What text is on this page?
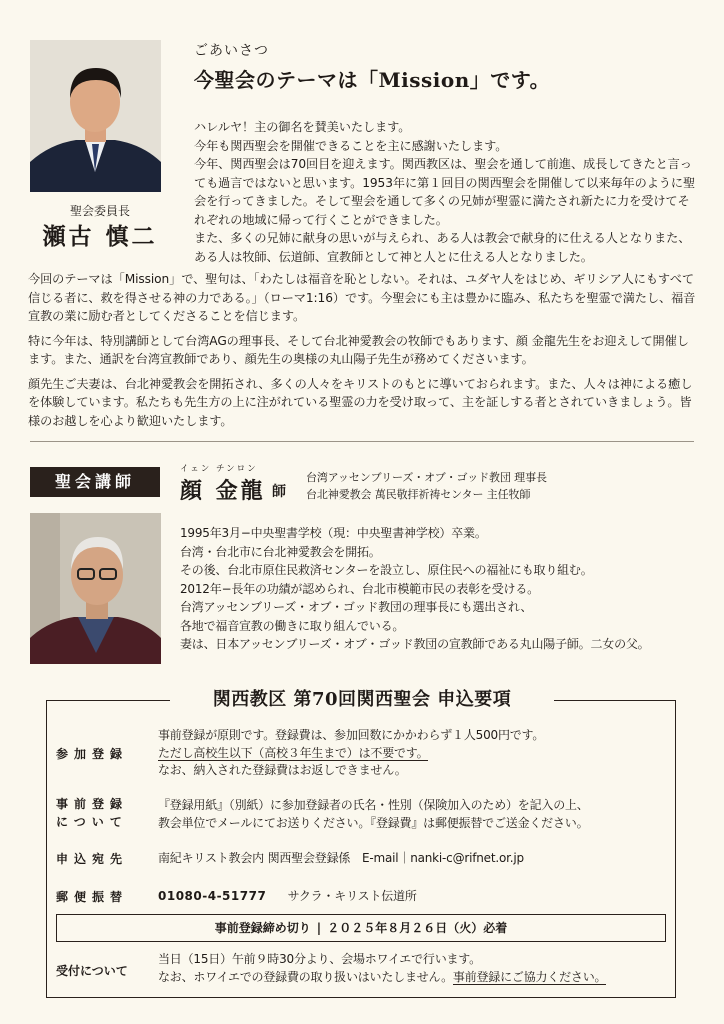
聖会委員長
瀬古 慎二
ごあいさつ
今聖会のテーマは「Mission」です。

ハレルヤ！主の御名を賛美いたします。

今年も関西聖会を開催できることを主に感謝いたします。

今年、関西聖会は70回目を迎えます。関西教区は、聖会を通して前進、成長してきたと言っても過言ではないと思います。1953年に第１回目の関西聖会を開催して以来毎年のように聖会を行ってきました。そして聖会を通して多くの兄姉が聖霊に満たされ新たに力を受けてそれぞれの地域に帰って行くことができました。

また、多くの兄姉に献身の思いが与えられ、ある人は教会で献身的に仕える人となりまた、ある人は牧師、伝道師、宣教師として神と人とに仕える人となりました。

今回のテーマは「Mission」で、聖句は、「わたしは福音を恥としない。それは、ユダヤ人をはじめ、ギリシア人にもすべて信じる者に、救を得させる神の力である。」（ローマ1:16）です。今聖会にも主は豊かに臨み、私たちを聖霊で満たし、福音宣教の業に励む者としてくださることを信じます。

特に今年は、特別講師として台湾AGの理事長、そして台北神愛教会の牧師でもあります、顔 金龍先生をお迎えして開催します。また、通訳を台湾宣教師であり、顔先生の奥様の丸山陽子先生が務めてくださいます。

顔先生ご夫妻は、台北神愛教会を開拓され、多くの人々をキリストのもとに導いておられます。また、人々は神による癒しを体験しています。私たちも先生方の上に注がれている聖霊の力を受け取って、主を証しする者とされていきましょう。皆様のお越しを心より歓迎いたします。

聖会講師
イェン チンロン
顔 金龍 師
台湾アッセンブリーズ・オブ・ゴッド教団 理事長
台北神愛教会 萬民敬拝祈祷センター 主任牧師

1995年3月−中央聖書学校（現：中央聖書神学校）卒業。

台湾・台北市に台北神愛教会を開拓。

その後、台北市原住民救済センターを設立し、原住民への福祉にも取り組む。

2012年−長年の功績が認められ、台北市模範市民の表彰を受ける。

台湾アッセンブリーズ・オブ・ゴッド教団の理事長にも選出され、

各地で福音宣教の働きに取り組んでいる。

妻は、日本アッセンブリーズ・オブ・ゴッド教団の宣教師である丸山陽子師。二女の父。

関西教区 第70回関西聖会 申込要項
参加登録

事前登録が原則です。登録費は、参加回数にかかわらず１人500円です。

ただし高校生以下（高校３年生まで）は不要です。

なお、納入された登録費はお返しできません。

事前登録

について

『登録用紙』（別紙）に参加登録者の氏名・性別（保険加入のため）を記入の上、

教会単位でメールにてお送りください。『登録費』は郵便振替でご送金ください。

申込宛先	南紀キリスト教会内 関西聖会登録係　E-mail｜nanki-c@rifnet.or.jp
郵便振替	01080-4-51777 サクラ・キリスト伝道所
事前登録締め切り | ２０２５年８月２６日（火）必着
受付について

当日（15日）午前９時30分より、会場ホワイエで行います。

なお、ホワイエでの登録費の取り扱いはいたしません。事前登録にご協力ください。
